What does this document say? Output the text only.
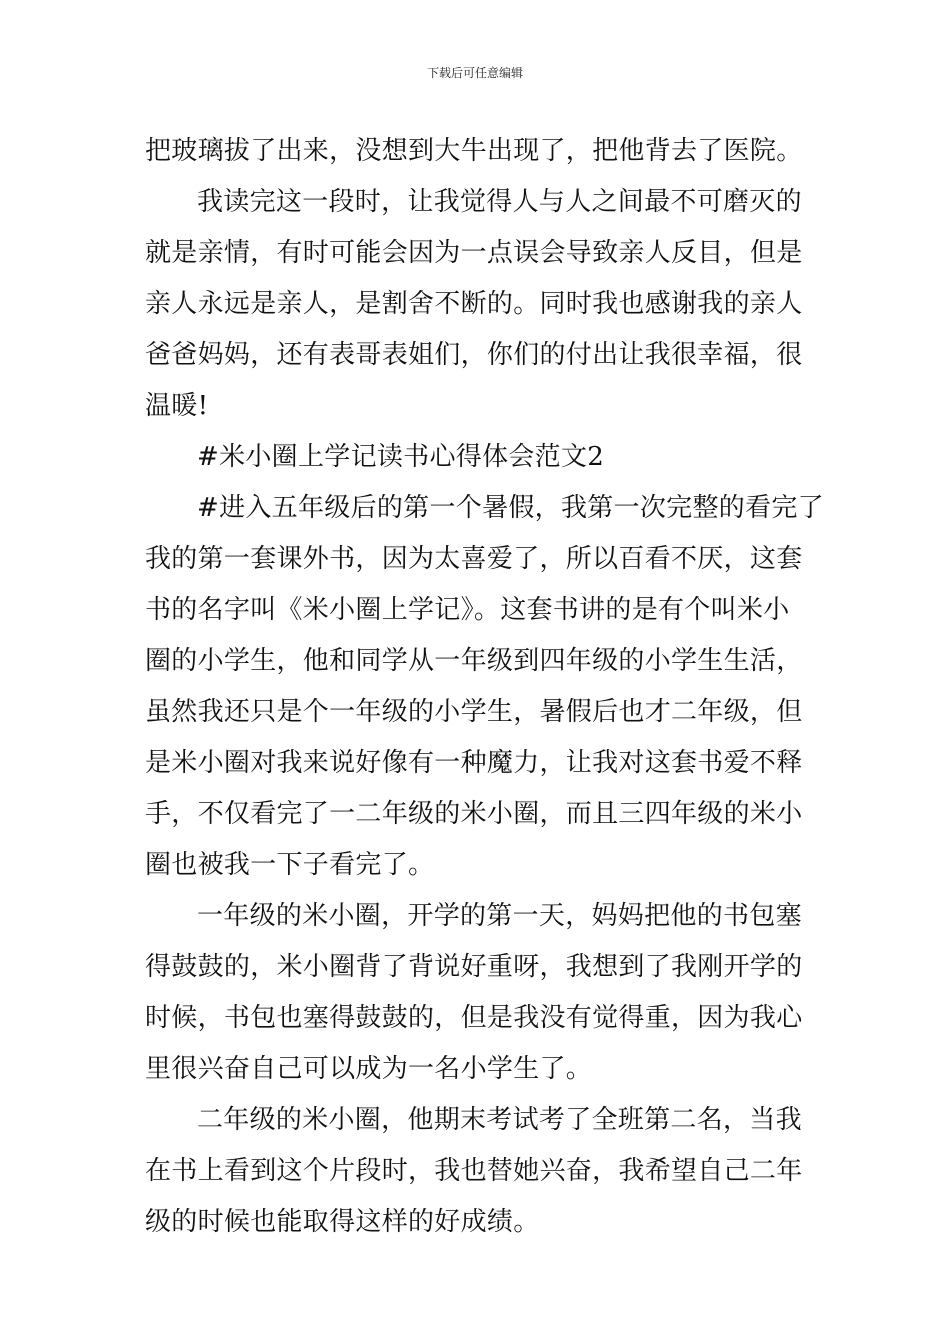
下载后可任意编辑
把玻璃拔了出来，没想到大牛出现了，把他背去了医院。
我读完这一段时，让我觉得人与人之间最不可磨灭的
就是亲情，有时可能会因为一点误会导致亲人反目，但是
亲人永远是亲人，是割舍不断的。同时我也感谢我的亲人
爸爸妈妈，还有表哥表姐们，你们的付出让我很幸福，很
温暖!
#米小圈上学记读书心得体会范文2
#进入五年级后的第一个暑假，我第一次完整的看完了
我的第一套课外书，因为太喜爱了，所以百看不厌，这套
书的名字叫《米小圈上学记》。这套书讲的是有个叫米小
圈的小学生，他和同学从一年级到四年级的小学生生活，
虽然我还只是个一年级的小学生，暑假后也才二年级，但
是米小圈对我来说好像有一种魔力，让我对这套书爱不释
手，不仅看完了一二年级的米小圈，而且三四年级的米小
圈也被我一下子看完了。
一年级的米小圈，开学的第一天，妈妈把他的书包塞
得鼓鼓的，米小圈背了背说好重呀，我想到了我刚开学的
时候，书包也塞得鼓鼓的，但是我没有觉得重，因为我心
里很兴奋自己可以成为一名小学生了。
二年级的米小圈，他期末考试考了全班第二名，当我
在书上看到这个片段时，我也替她兴奋，我希望自己二年
级的时候也能取得这样的好成绩。
